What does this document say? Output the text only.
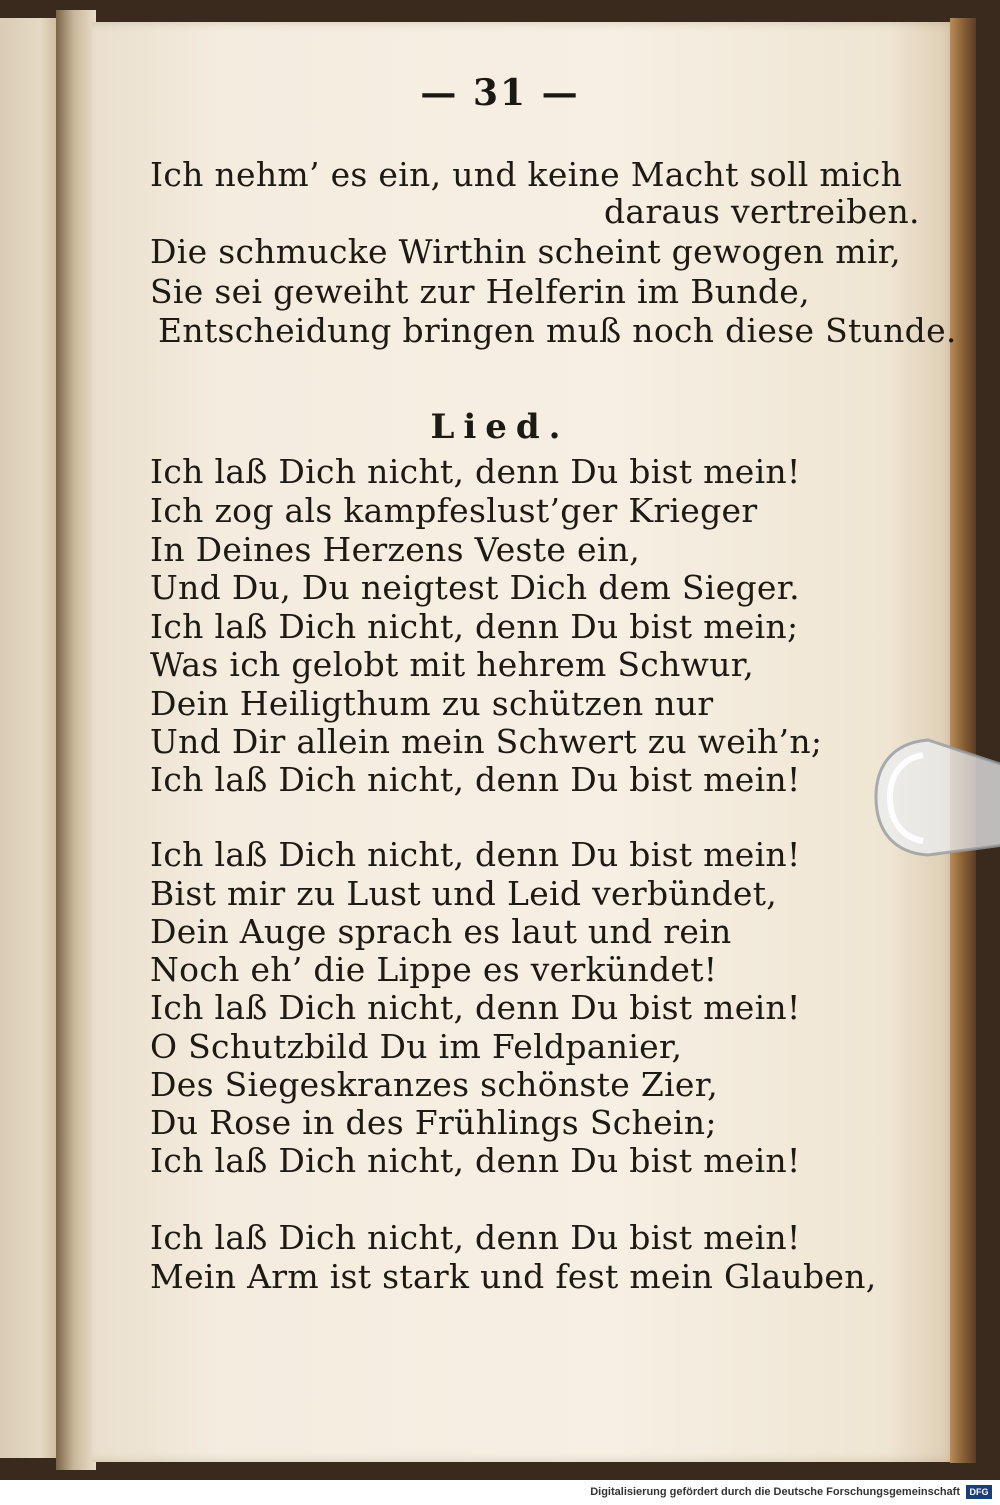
— 31 —
Ich nehm’ es ein, und keine Macht soll mich
daraus vertreiben.
Die schmucke Wirthin scheint gewogen mir,
Sie sei geweiht zur Helferin im Bunde,
Entscheidung bringen muß noch diese Stunde.
Lied.
Ich laß Dich nicht, denn Du bist mein!
Ich zog als kampfeslust’ger Krieger
In Deines Herzens Veste ein,
Und Du, Du neigtest Dich dem Sieger.
Ich laß Dich nicht, denn Du bist mein;
Was ich gelobt mit hehrem Schwur,
Dein Heiligthum zu schützen nur
Und Dir allein mein Schwert zu weih’n;
Ich laß Dich nicht, denn Du bist mein!
Ich laß Dich nicht, denn Du bist mein!
Bist mir zu Lust und Leid verbündet,
Dein Auge sprach es laut und rein
Noch eh’ die Lippe es verkündet!
Ich laß Dich nicht, denn Du bist mein!
O Schutzbild Du im Feldpanier,
Des Siegeskranzes schönste Zier,
Du Rose in des Frühlings Schein;
Ich laß Dich nicht, denn Du bist mein!
Ich laß Dich nicht, denn Du bist mein!
Mein Arm ist stark und fest mein Glauben,
Digitalisierung gefördert durch die Deutsche Forschungsgemeinschaft	DFG
